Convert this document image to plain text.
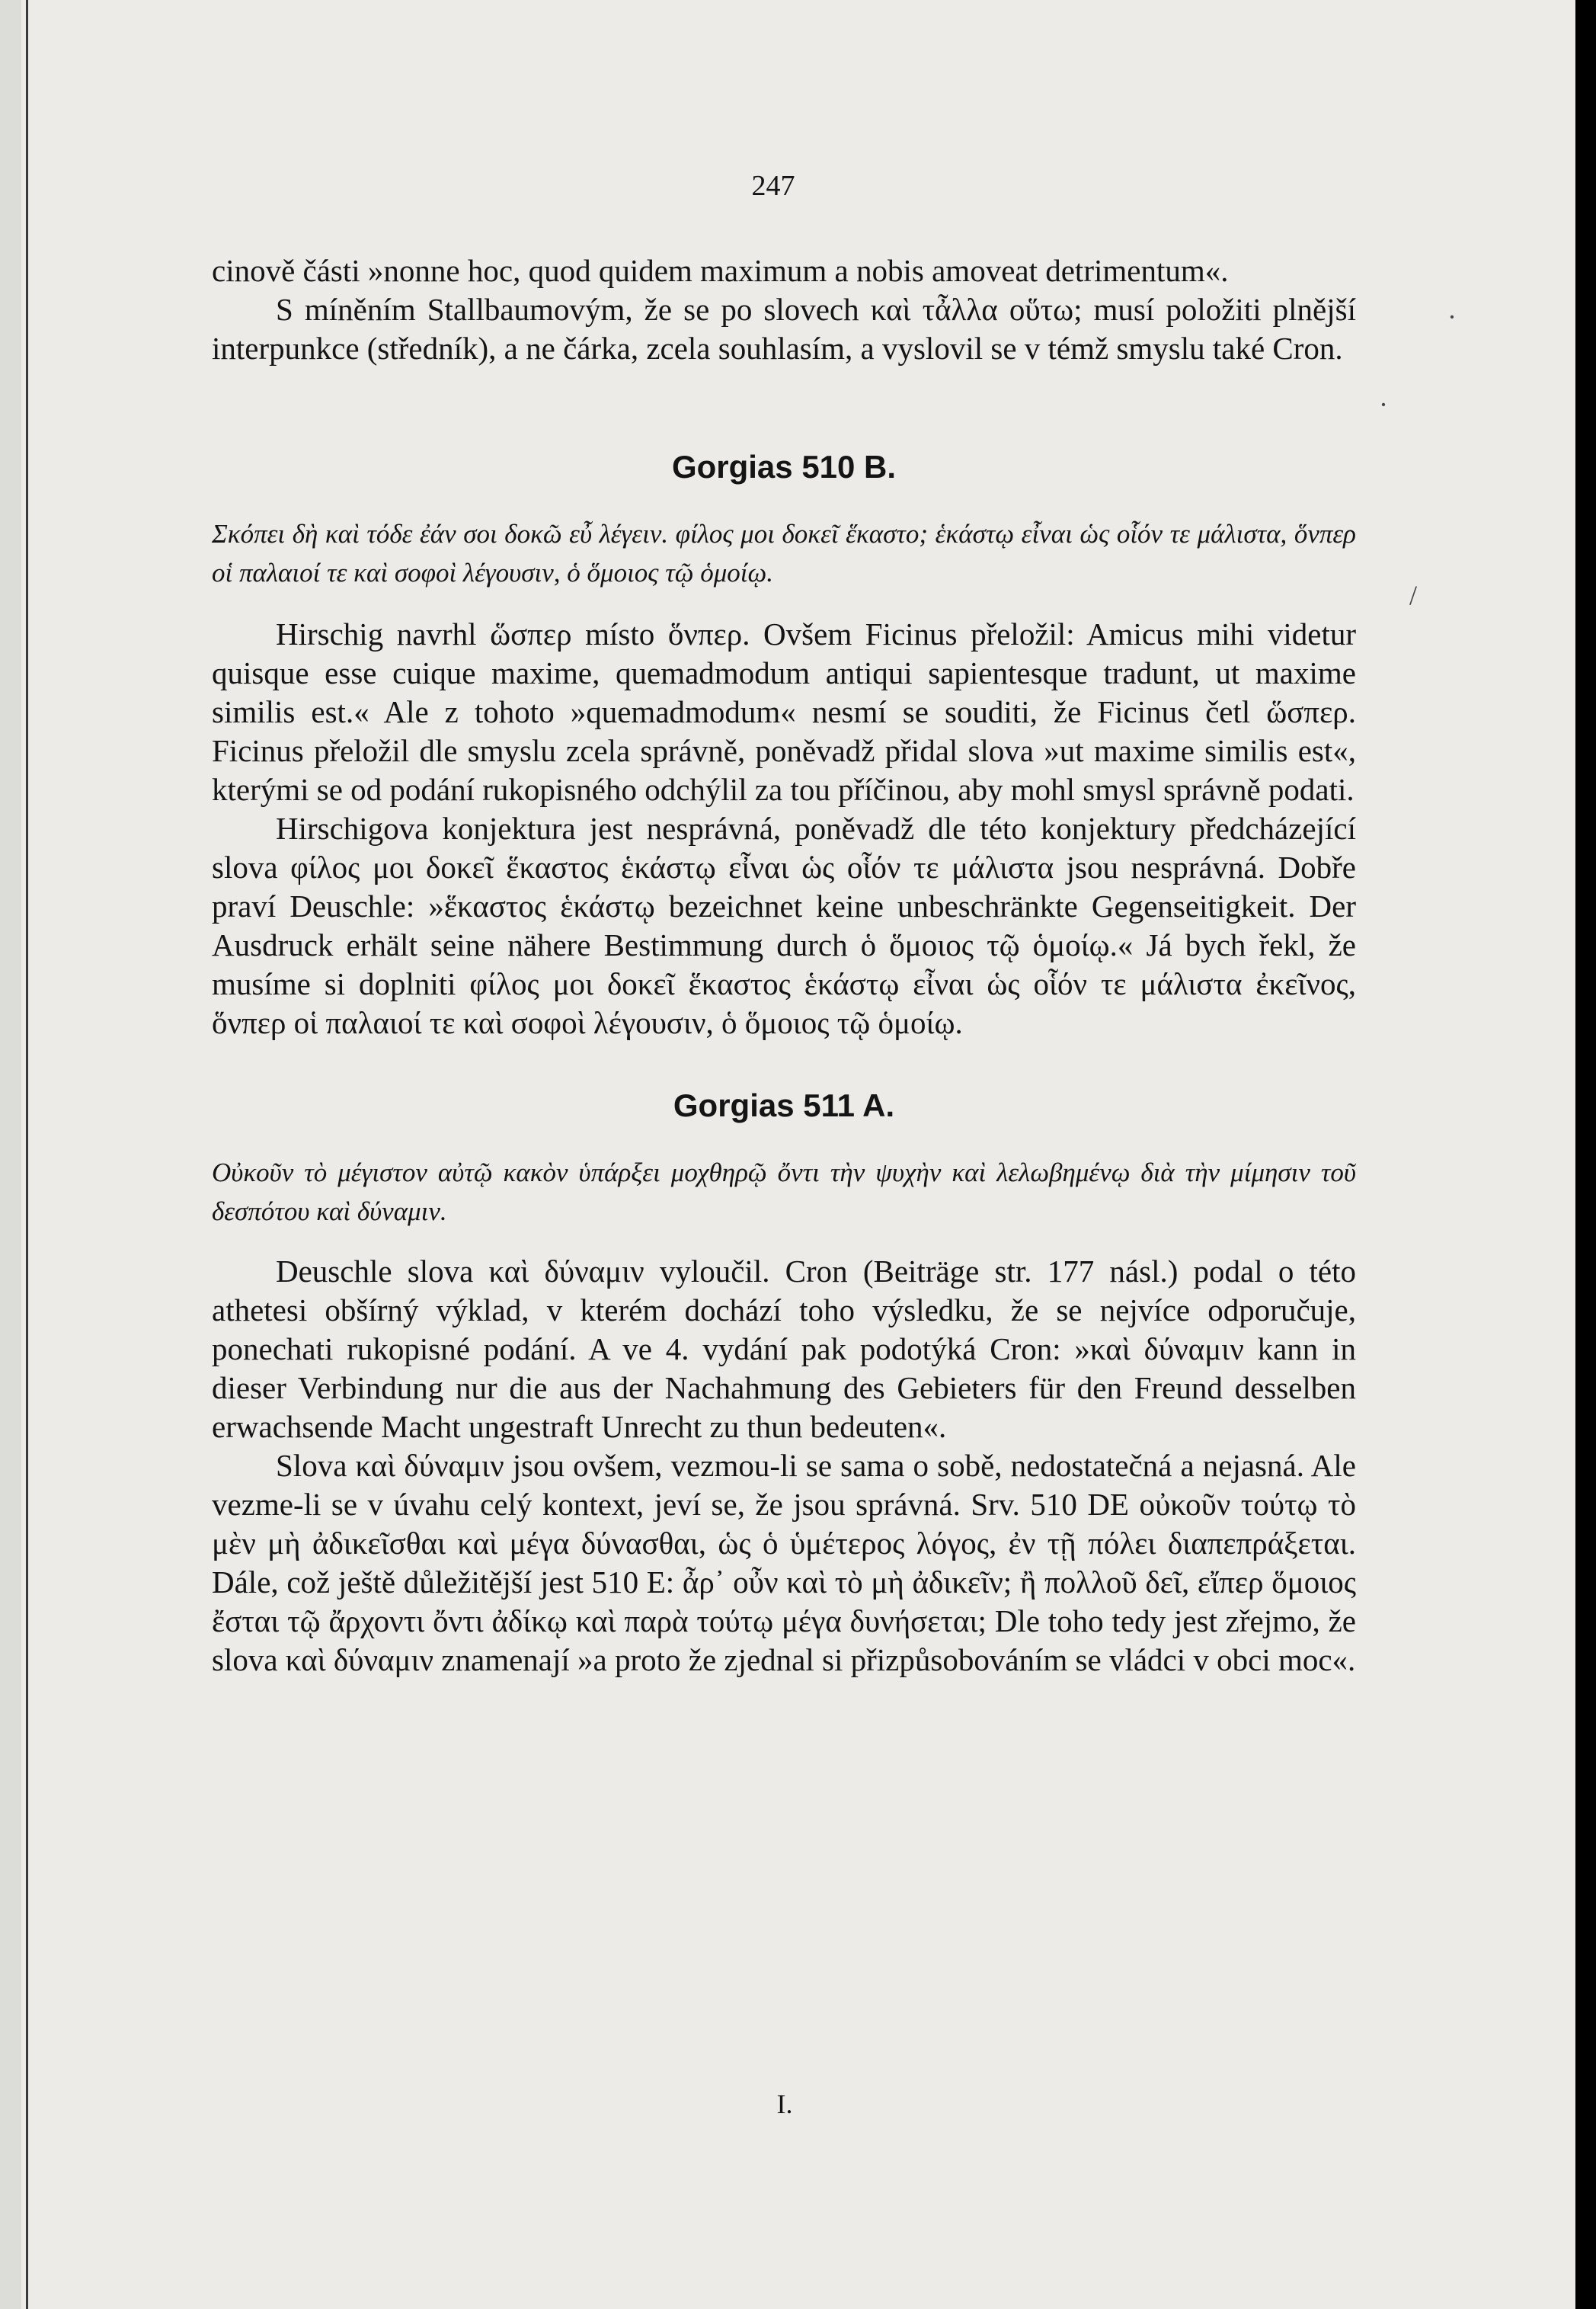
247

cinově části »nonne hoc, quod quidem maximum a nobis amoveat detrimentum«.

S míněním Stallbaumovým, že se po slovech καὶ τἆλλα οὕτω; musí položiti plnější interpunkce (středník), a ne čárka, zcela souhlasím, a vyslovil se v témž smyslu také Cron.

Gorgias 510 B.

Σκόπει δὴ καὶ τόδε ἐάν σοι δοκῶ εὖ λέγειν. φίλος μοι δοκεῖ ἕκαστο; ἑκάστῳ εἶναι ὡς οἷόν τε μάλιστα, ὅνπερ οἱ παλαιοί τε καὶ σοφοὶ λέγουσιν, ὁ ὅμοιος τῷ ὁμοίῳ.

Hirschig navrhl ὥσπερ místo ὅνπερ. Ovšem Ficinus přeložil: Amicus mihi videtur quisque esse cuique maxime, quemadmodum antiqui sapientesque tradunt, ut maxime similis est.« Ale z tohoto »quemadmodum« nesmí se souditi, že Ficinus četl ὥσπερ. Ficinus přeložil dle smyslu zcela správně, poněvadž přidal slova »ut maxime similis est«, kterými se od podání rukopisného odchýlil za tou příčinou, aby mohl smysl správně podati.

Hirschigova konjektura jest nesprávná, poněvadž dle této konjektury předcházející slova φίλος μοι δοκεῖ ἕκαστος ἑκάστῳ εἶναι ὡς οἷόν τε μάλιστα jsou nesprávná. Dobře praví Deuschle: »ἕκαστος ἑκάστῳ bezeichnet keine unbeschränkte Gegenseitigkeit. Der Ausdruck erhält seine nähere Bestimmung durch ὁ ὅμοιος τῷ ὁμοίῳ.« Já bych řekl, že musíme si doplniti φίλος μοι δοκεῖ ἕκαστος ἑκάστῳ εἶναι ὡς οἷόν τε μάλιστα ἐκεῖνος, ὅνπερ οἱ παλαιοί τε καὶ σοφοὶ λέγουσιν, ὁ ὅμοιος τῷ ὁμοίῳ.

Gorgias 511 A.

Οὐκοῦν τὸ μέγιστον αὐτῷ κακὸν ὑπάρξει μοχθηρῷ ὄντι τὴν ψυχὴν καὶ λελωβημένῳ διὰ τὴν μίμησιν τοῦ δεσπότου καὶ δύναμιν.

Deuschle slova καὶ δύναμιν vyloučil. Cron (Beiträge str. 177 násl.) podal o této athetesi obšírný výklad, v kterém dochází toho výsledku, že se nejvíce odporučuje, ponechati rukopisné podání. A ve 4. vydání pak podotýká Cron: »καὶ δύναμιν kann in dieser Verbindung nur die aus der Nachahmung des Gebieters für den Freund desselben erwachsende Macht ungestraft Unrecht zu thun bedeuten«.

Slova καὶ δύναμιν jsou ovšem, vezmou-li se sama o sobě, nedostatečná a nejasná. Ale vezme-li se v úvahu celý kontext, jeví se, že jsou správná. Srv. 510 DE οὐκοῦν τούτῳ τὸ μὲν μὴ ἀδικεῖσθαι καὶ μέγα δύνασθαι, ὡς ὁ ὑμέτερος λόγος, ἐν τῇ πόλει διαπεπράξεται. Dále, což ještě důležitější jest 510 E: ἆρ᾿ οὖν καὶ τὸ μὴ ἀδικεῖν; ἢ πολλοῦ δεῖ, εἴπερ ὅμοιος ἔσται τῷ ἄρχοντι ὄντι ἀδίκῳ καὶ παρὰ τούτῳ μέγα δυνήσεται; Dle toho tedy jest zřejmo, že slova καὶ δύναμιν znamenají »a proto že zjednal si přizpůsobováním se vládci v obci moc«.

I.
·
·
/
